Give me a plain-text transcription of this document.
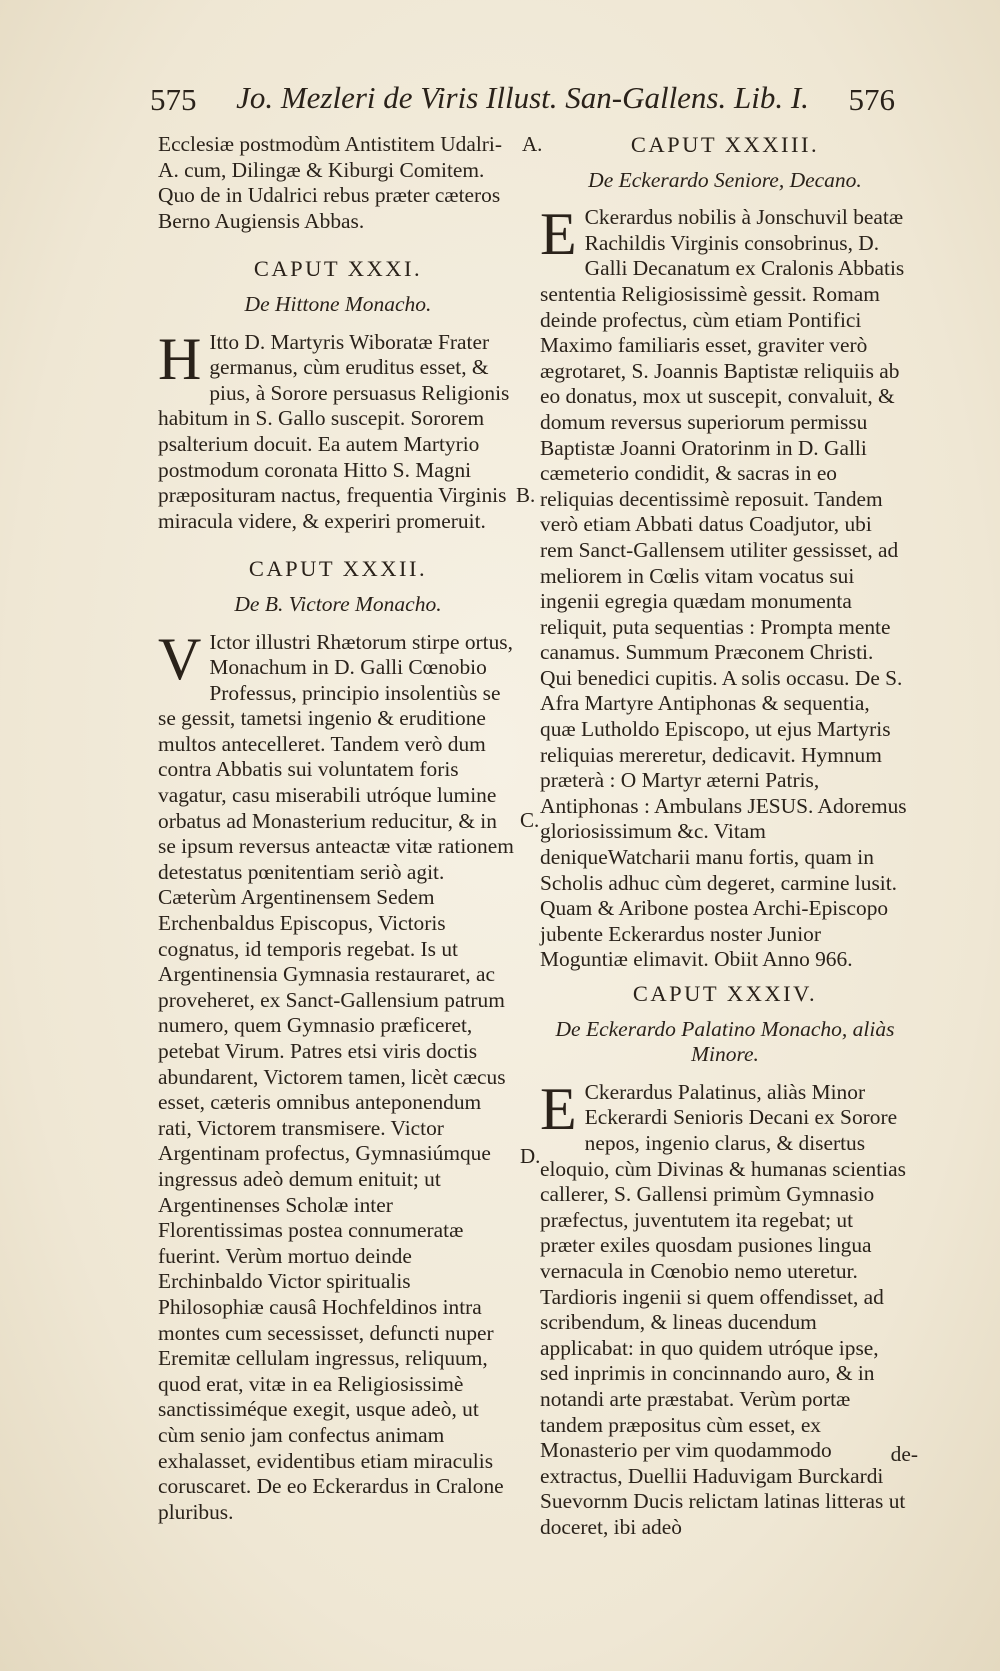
575 Jo. Mezleri de Viris Illust. San-Gallens. Lib. I. 576

Ecclesiæ postmodùm Antistitem Udalri-A. cum, Dilingæ & Kiburgi Comitem. Quo de in Udalrici rebus præter cæteros Berno Augiensis Abbas.

CAPUT XXXI.
De Hittone Monacho.

H Itto D. Martyris Wiboratæ Frater germanus, cùm eruditus esset, & pius, à Sorore persuasus Religionis habitum in S. Gallo suscepit. Sororem psalterium docuit. Ea autem Martyrio postmodum coronata Hitto S. Magni præposituram nactus, frequentia Virginis miracula videre, & experiri promeruit.

CAPUT XXXII.
De B. Victore Monacho.

V Ictor illustri Rhætorum stirpe ortus, Monachum in D. Galli Cœnobio Professus, principio insolentiùs se se gessit, tametsi ingenio & eruditione multos antecelleret. Tandem verò dum contra Abbatis sui voluntatem foris vagatur, casu miserabili utróque lumine orbatus ad Monasterium reducitur, & in se ipsum reversus anteactæ vitæ rationem detestatus pœnitentiam seriò agit. Cæterùm Argentinensem Sedem Erchenbaldus Episcopus, Victoris cognatus, id temporis regebat. Is ut Argentinensia Gymnasia restauraret, ac proveheret, ex Sanct-Gallensium patrum numero, quem Gymnasio præficeret, petebat Virum. Patres etsi viris doctis abundarent, Victorem tamen, licèt cæcus esset, cæteris omnibus anteponendum rati, Victorem transmisere. Victor Argentinam profectus, Gymnasiúmque ingressus adeò demum enituit; ut Argentinenses Scholæ inter Florentissimas postea connumeratæ fuerint. Verùm mortuo deinde Erchinbaldo Victor spiritualis Philosophiæ causâ Hochfeldinos intra montes cum secessisset, defuncti nuper Eremitæ cellulam ingressus, reliquum, quod erat, vitæ in ea Religiosissimè sanctissiméque exegit, usque adeò, ut cùm senio jam confectus animam exhalasset, evidentibus etiam miraculis coruscaret. De eo Eckerardus in Cralone pluribus.

A.
B.
C.
D.
CAPUT XXXIII.
De Eckerardo Seniore, Decano.

E Ckerardus nobilis à Jonschuvil beatæ Rachildis Virginis consobrinus, D. Galli Decanatum ex Cralonis Abbatis sententia Religiosissimè gessit. Romam deinde profectus, cùm etiam Pontifici Maximo familiaris esset, graviter verò ægrotaret, S. Joannis Baptistæ reliquiis ab eo donatus, mox ut suscepit, convaluit, & domum reversus superiorum permissu Baptistæ Joanni Oratorinm in D. Galli cæmeterio condidit, & sacras in eo reliquias decentissimè reposuit. Tandem verò etiam Abbati datus Coadjutor, ubi rem Sanct-Gallensem utiliter gessisset, ad meliorem in Cœlis vitam vocatus sui ingenii egregia quædam monumenta reliquit, puta sequentias : Prompta mente canamus. Summum Præconem Christi. Qui benedici cupitis. A solis occasu. De S. Afra Martyre Antiphonas & sequentia, quæ Lutholdo Episcopo, ut ejus Martyris reliquias mereretur, dedicavit. Hymnum præterà : O Martyr æterni Patris, Antiphonas : Ambulans JESUS. Adoremus gloriosissimum &c. Vitam deniqueWatcharii manu fortis, quam in Scholis adhuc cùm degeret, carmine lusit. Quam & Aribone postea Archi-Episcopo jubente Eckerardus noster Junior Moguntiæ elimavit. Obiit Anno 966.

CAPUT XXXIV.
De Eckerardo Palatino Monacho, aliàs Minore.

E Ckerardus Palatinus, aliàs Minor Eckerardi Senioris Decani ex Sorore nepos, ingenio clarus, & disertus eloquio, cùm Divinas & humanas scientias callerer, S. Gallensi primùm Gymnasio præfectus, juventutem ita regebat; ut præter exiles quosdam pusiones lingua vernacula in Cœnobio nemo uteretur. Tardioris ingenii si quem offendisset, ad scribendum, & lineas ducendum applicabat: in quo quidem utróque ipse, sed inprimis in concinnando auro, & in notandi arte præstabat. Verùm portæ tandem præpositus cùm esset, ex Monasterio per vim quodammodo extractus, Duellii Haduvigam Burckardi Suevornm Ducis relictam latinas litteras ut doceret, ibi adeò

de-
